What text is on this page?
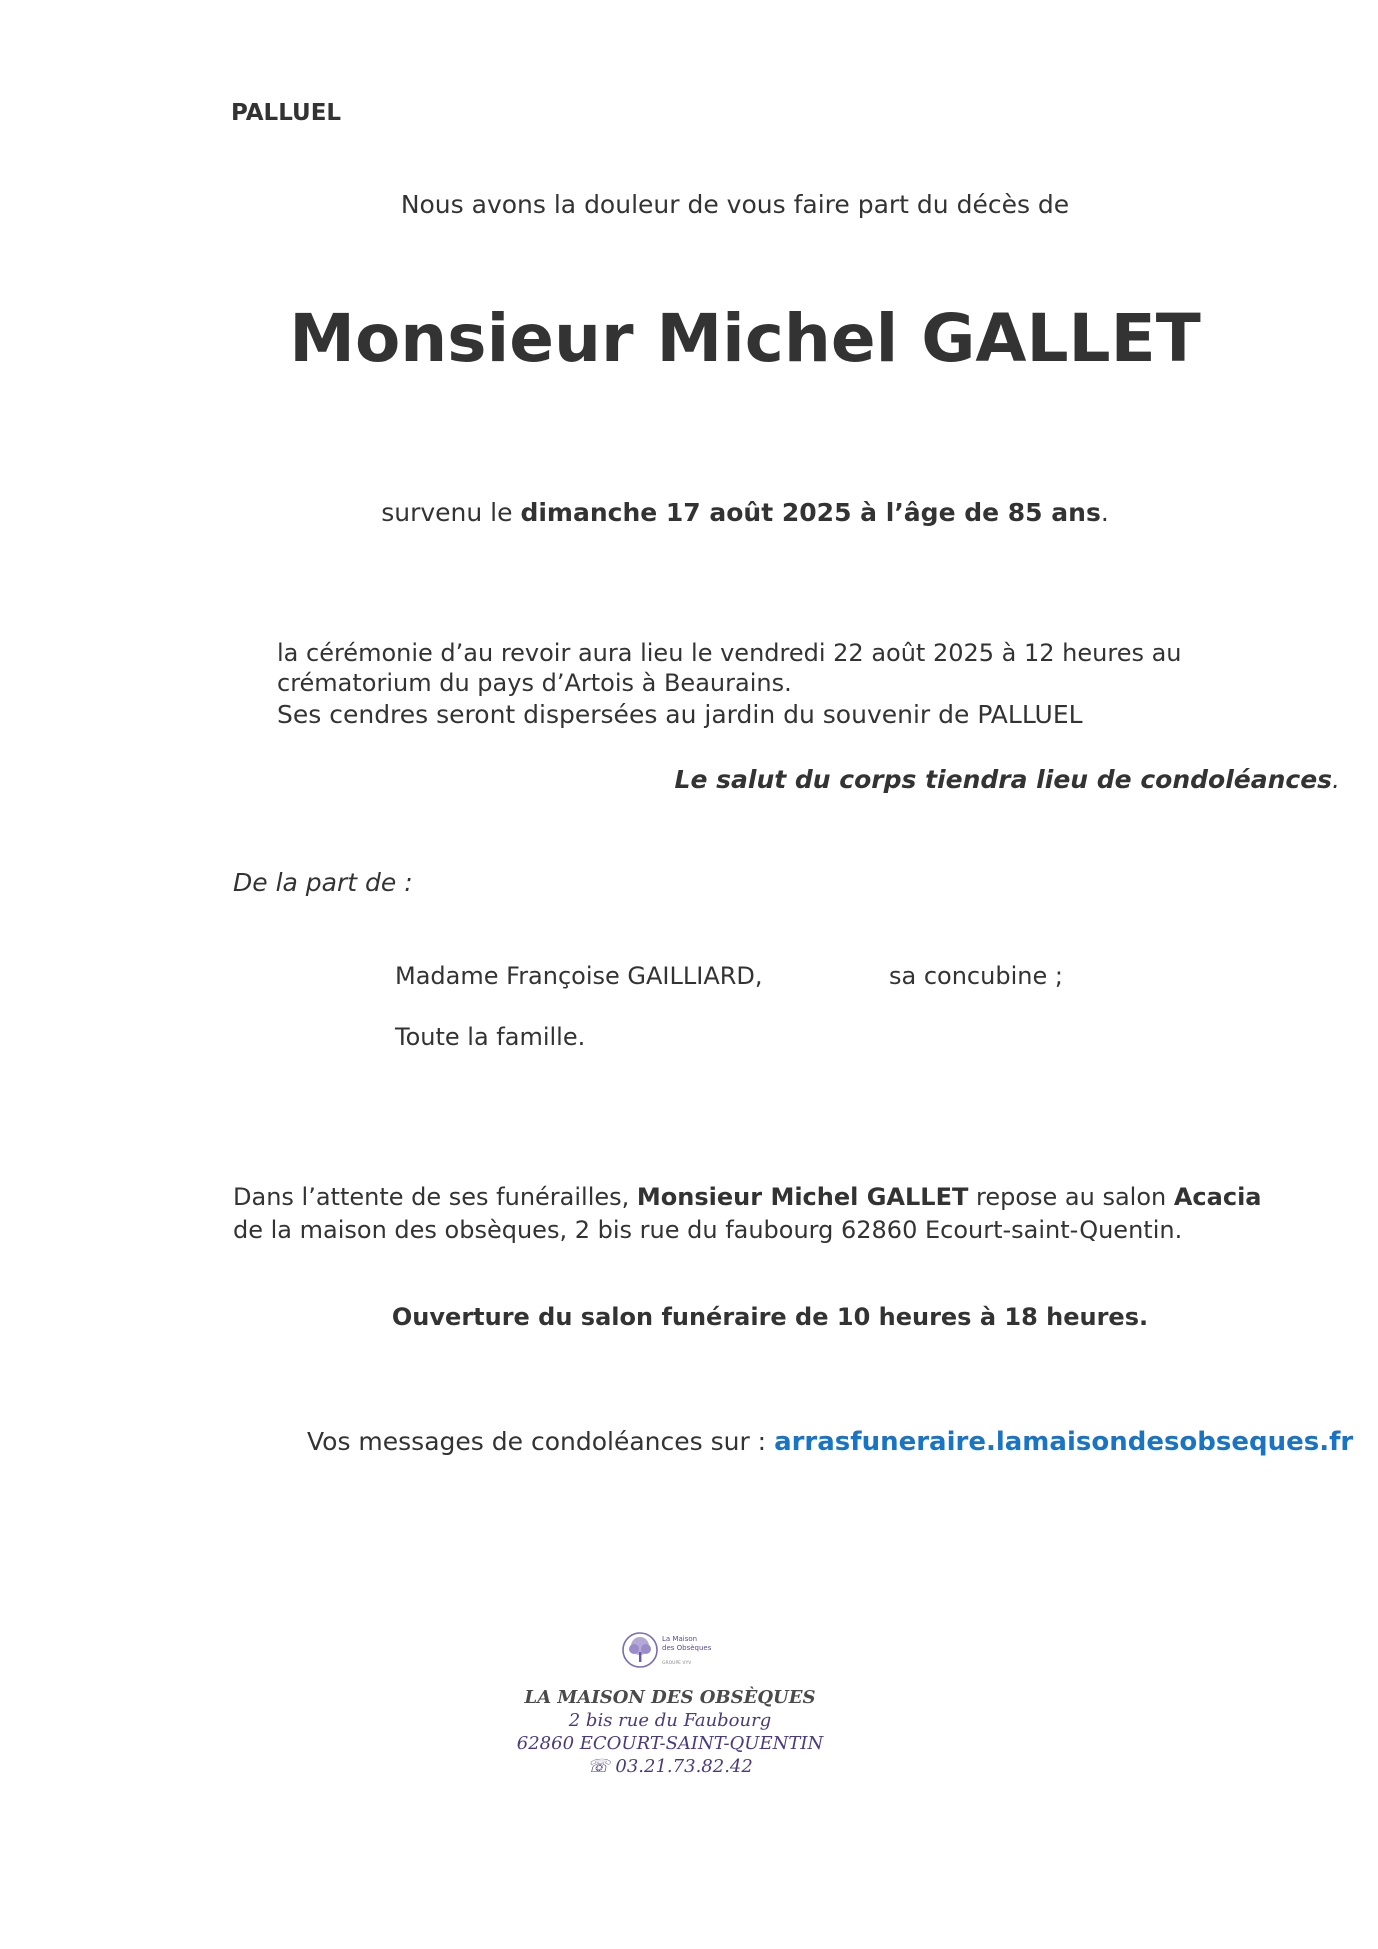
PALLUEL
Nous avons la douleur de vous faire part du décès de
Monsieur Michel GALLET
survenu le dimanche 17 août 2025 à l’âge de 85 ans.
la cérémonie d’au revoir aura lieu le vendredi 22 août 2025 à 12 heures au crématorium du pays d’Artois à Beaurains.
Ses cendres seront dispersées au jardin du souvenir de PALLUEL
Le salut du corps tiendra lieu de condoléances.
De la part de :
Madame Françoise GAILLIARD,	sa concubine ;
Toute la famille.
Dans l’attente de ses funérailles, Monsieur Michel GALLET repose au salon Acacia de la maison des obsèques, 2 bis rue du faubourg 62860 Ecourt-saint-Quentin.
Ouverture du salon funéraire de 10 heures à 18 heures.
Vos messages de condoléances sur : arrasfuneraire.lamaisondesobseques.fr
La Maison
des Obsèques
GROUPE VYV
LA MAISON DES OBSÈQUES
2 bis rue du Faubourg
62860 ECOURT-SAINT-QUENTIN
☏ 03.21.73.82.42
